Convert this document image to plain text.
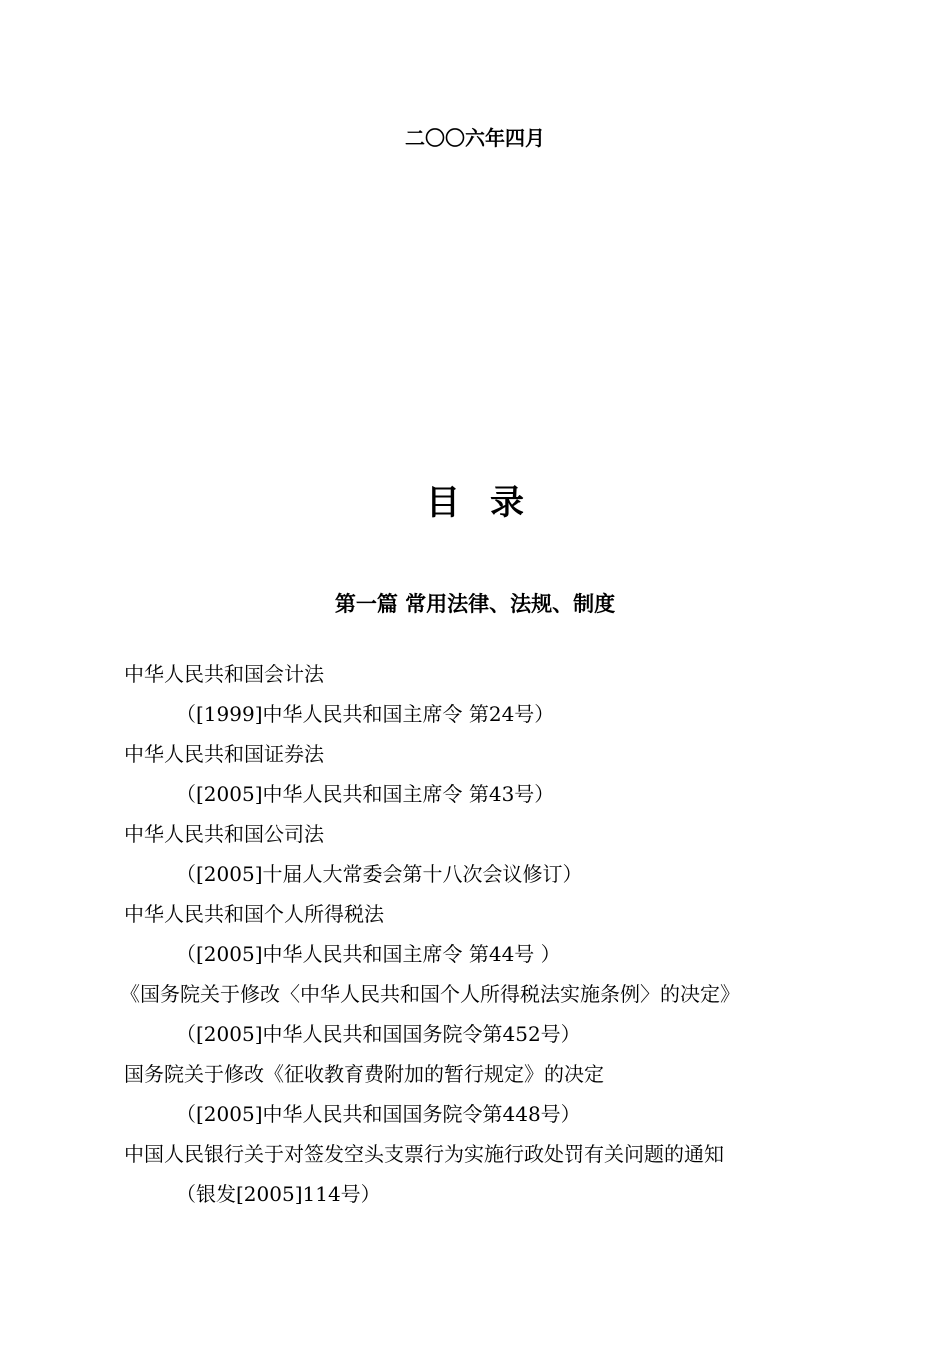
二〇〇六年四月
目录
第一篇 常用法律、法规、制度
中华人民共和国会计法
（[1999]中华人民共和国主席令 第24号）
中华人民共和国证券法
（[2005]中华人民共和国主席令 第43号）
中华人民共和国公司法
（[2005]十届人大常委会第十八次会议修订）
中华人民共和国个人所得税法
（[2005]中华人民共和国主席令 第44号 ）
《国务院关于修改〈中华人民共和国个人所得税法实施条例〉的决定》
（[2005]中华人民共和国国务院令第452号）
国务院关于修改《征收教育费附加的暂行规定》的决定
（[2005]中华人民共和国国务院令第448号）
中国人民银行关于对签发空头支票行为实施行政处罚有关问题的通知
（银发[2005]114号）
